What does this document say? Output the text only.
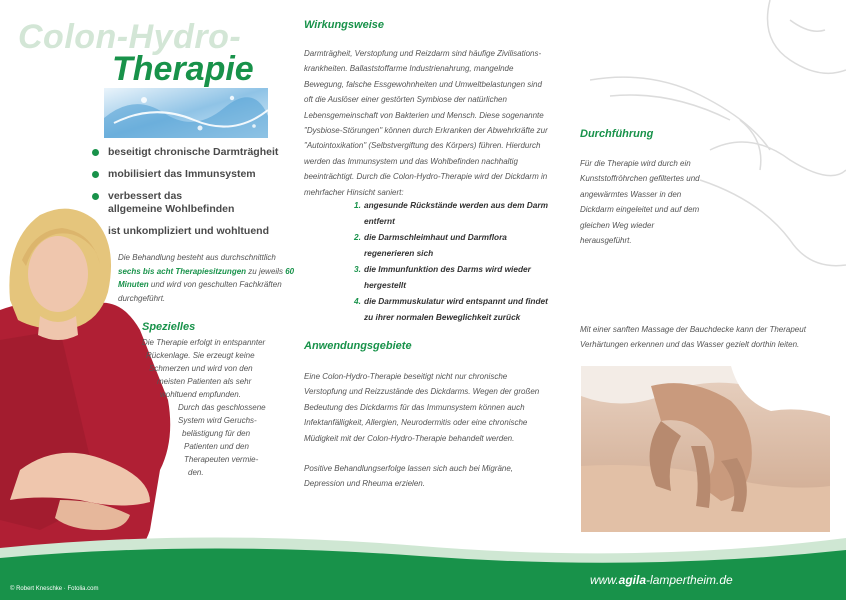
Colon-Hydro-
Therapie
beseitigt chronische Darmträgheit
mobilisiert das Immunsystem
verbessert das
allgemeine Wohlbefinden
ist unkompliziert und wohltuend
Die Behandlung besteht aus durchschnittlich sechs bis acht Therapiesitzungen zu jeweils 60 Minuten und wird von geschulten Fachkräften durchgeführt.
Spezielles
Die Therapie erfolgt in entspannter
Rückenlage. Sie erzeugt keine
Schmerzen und wird von den
meisten Patienten als sehr
wohltuend empfunden.
Durch das geschlossene
System wird Geruchs-
belästigung für den
Patienten und den
Therapeuten vermie-
den.
Wirkungsweise
Darmträgheit, Verstopfung und Reizdarm sind häufige Zivilisations-krankheiten. Ballaststoffarme Industrienahrung, mangelnde Bewegung, falsche Essgewohnheiten und Umweltbelastungen sind oft die Auslöser einer gestörten Symbiose der natürlichen Lebensgemeinschaft von Bakterien und Mensch. Diese sogenannte "Dysbiose-Störungen" können durch Erkranken der Abwehrkräfte zur "Autointoxikation" (Selbstvergiftung des Körpers) führen. Hierdurch werden das Immunsystem und das Wohlbefinden nachhaltig beeinträchtigt. Durch die Colon-Hydro-Therapie wird der Dickdarm in mehrfacher Hinsicht saniert:
1. angesunde Rückstände werden aus dem Darm entfernt
2. die Darmschleimhaut und Darmflora regenerieren sich
3. die Immunfunktion des Darms wird wieder hergestellt
4. die Darmmuskulatur wird entspannt und findet zu ihrer normalen Beweglichkeit zurück
Anwendungsgebiete
Eine Colon-Hydro-Therapie beseitigt nicht nur chronische Verstopfung und Reizzustände des Dickdarms. Wegen der großen Bedeutung des Dickdarms für das Immunsystem können auch Infektanfälligkeit, Allergien, Neurodermitis oder eine chronische Müdigkeit mit der Colon-Hydro-Therapie behandelt werden.
Positive Behandlungserfolge lassen sich auch bei Migräne, Depression und Rheuma erzielen.
Durchführung
Für die Therapie wird durch ein Kunststoffröhrchen gefiltertes und angewärmtes Wasser in den Dickdarm eingeleitet und auf dem gleichen Weg wieder herausgeführt.
Mit einer sanften Massage der Bauchdecke kann der Therapeut Verhärtungen erkennen und das Wasser gezielt dorthin leiten.
www.agila-lampertheim.de
© Robert Kneschke · Fotolia.com
